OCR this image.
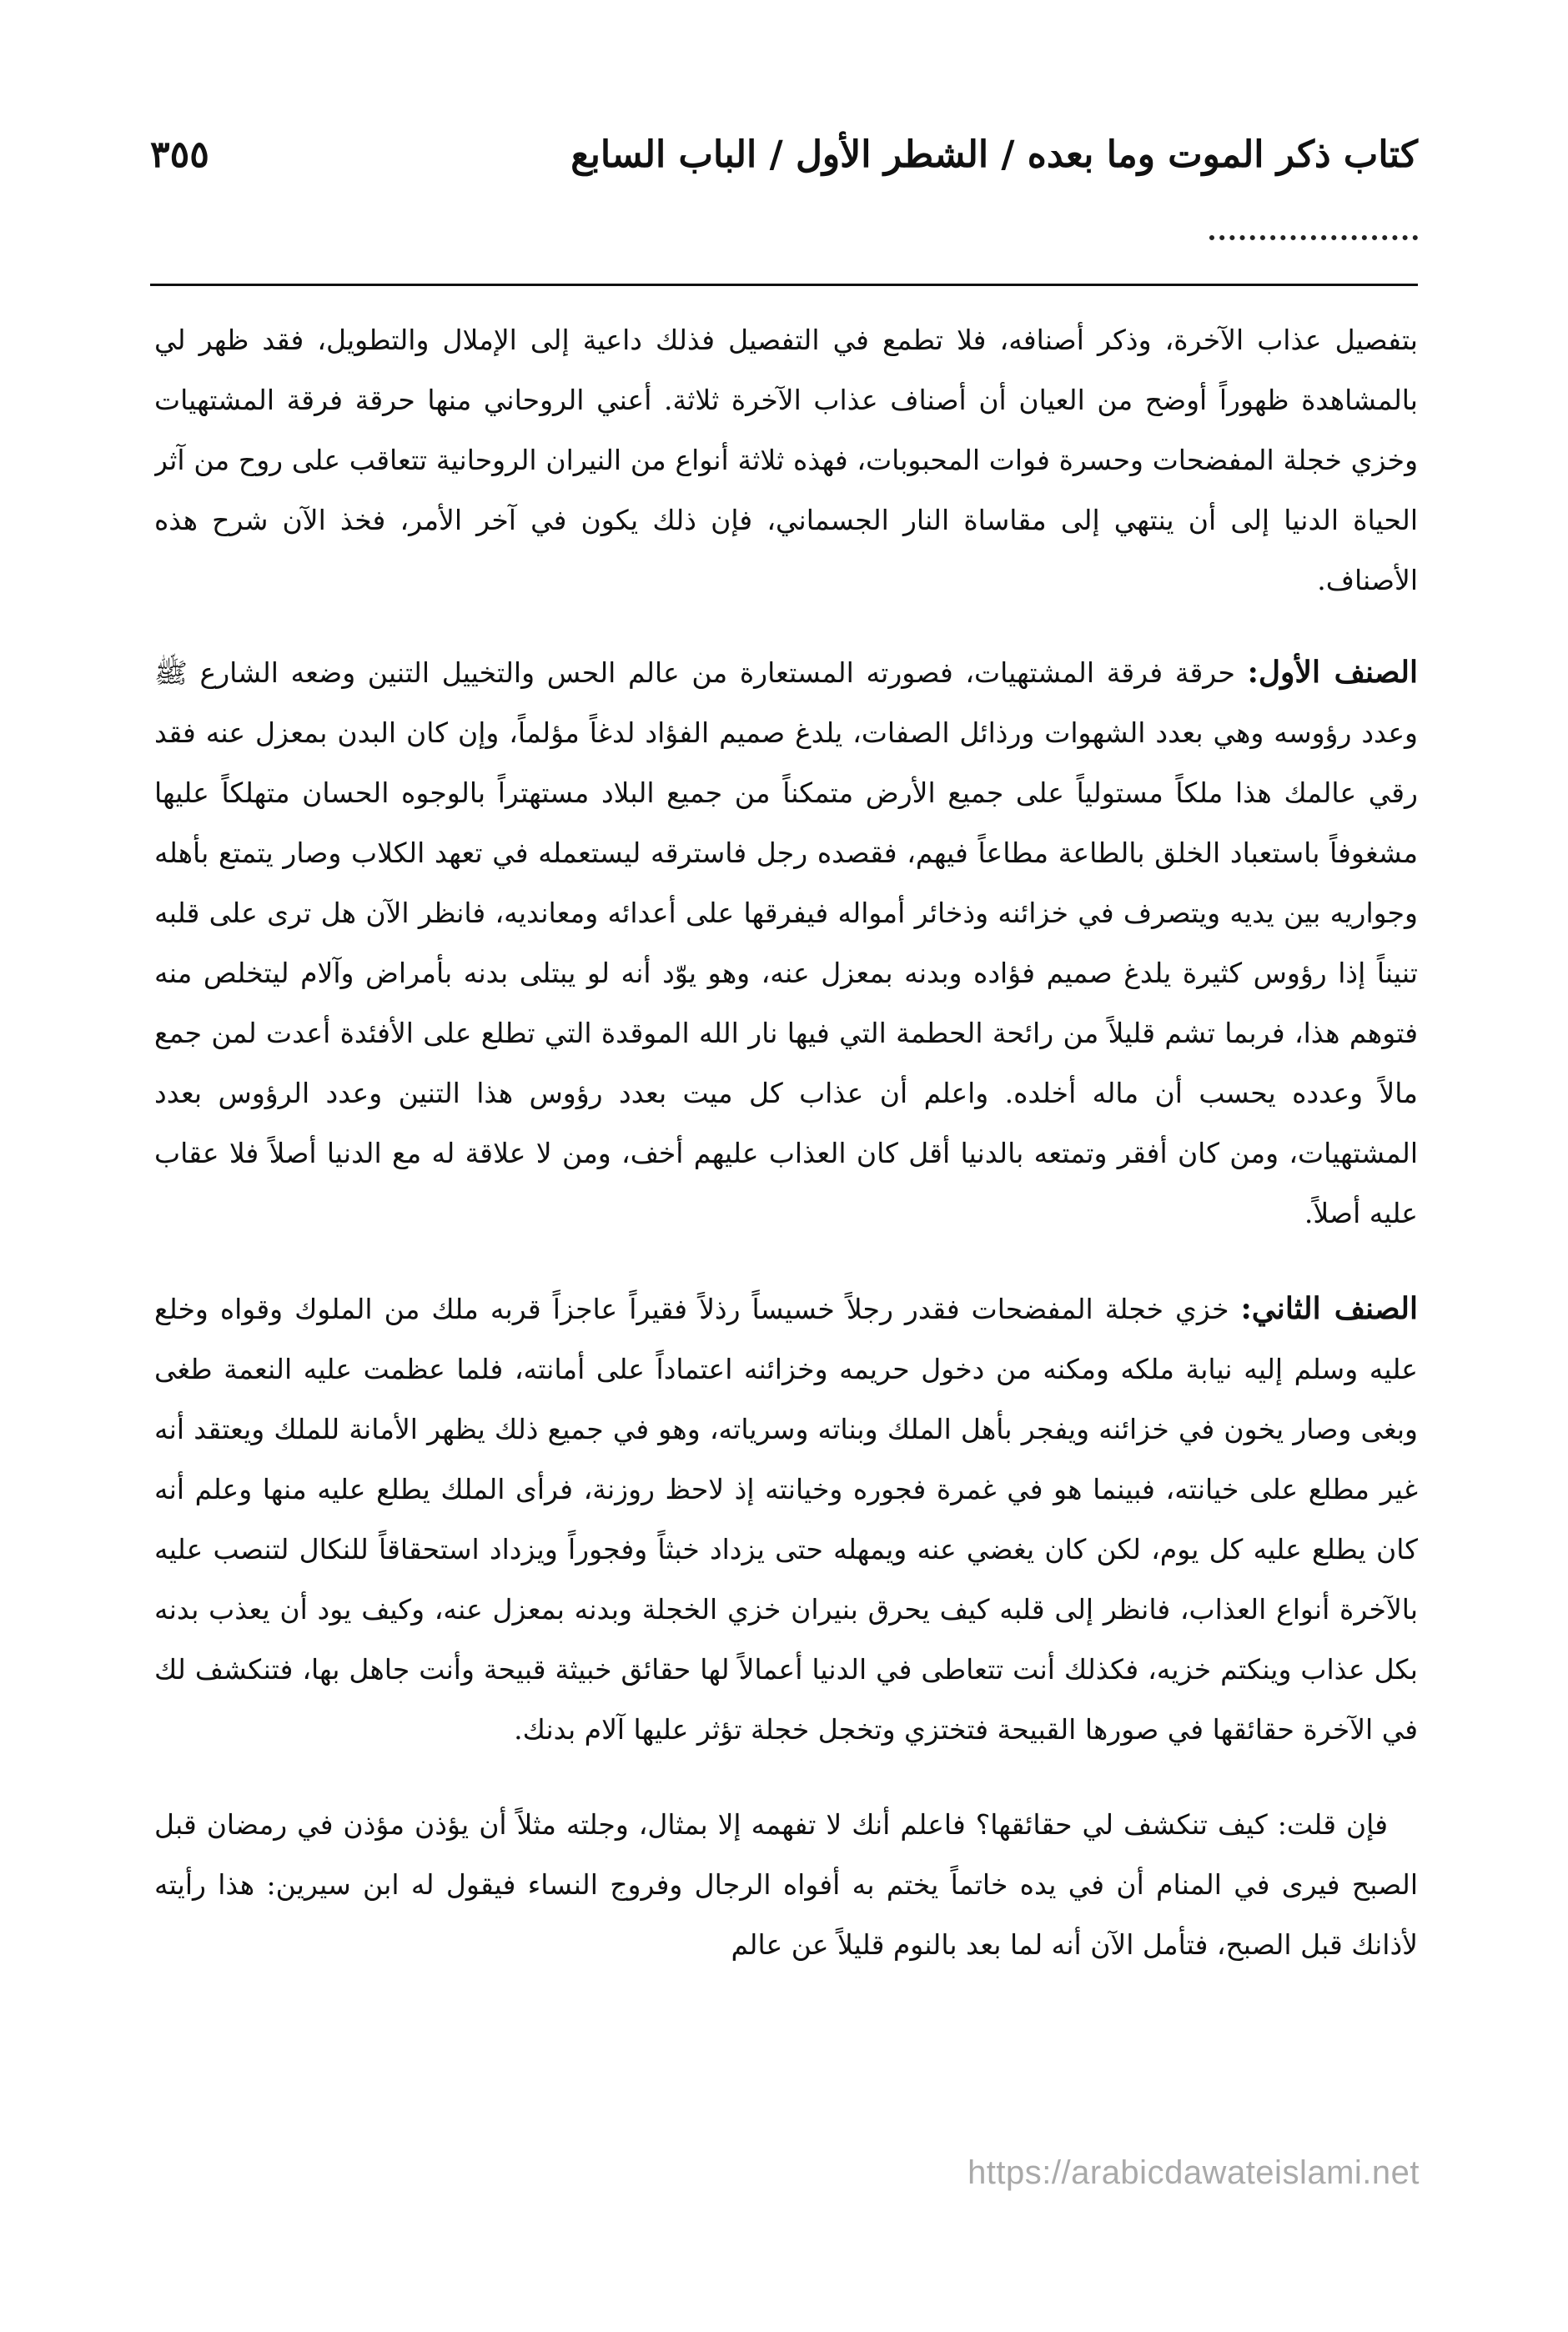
كتاب ذكر الموت وما بعده / الشطر الأول / الباب السابع
٣٥٥

بتفصيل عذاب الآخرة، وذكر أصنافه، فلا تطمع في التفصيل فذلك داعية إلى الإملال والتطويل، فقد ظهر لي بالمشاهدة ظهوراً أوضح من العيان أن أصناف عذاب الآخرة ثلاثة. أعني الروحاني منها حرقة فرقة المشتهيات وخزي خجلة المفضحات وحسرة فوات المحبوبات، فهذه ثلاثة أنواع من النيران الروحانية تتعاقب على روح من آثر الحياة الدنيا إلى أن ينتهي إلى مقاساة النار الجسماني، فإن ذلك يكون في آخر الأمر، فخذ الآن شرح هذه الأصناف.

الصنف الأول: حرقة فرقة المشتهيات، فصورته المستعارة من عالم الحس والتخييل التنين وضعه الشارع ﷺ وعدد رؤوسه وهي بعدد الشهوات ورذائل الصفات، يلدغ صميم الفؤاد لدغاً مؤلماً، وإن كان البدن بمعزل عنه فقد رقي عالمك هذا ملكاً مستولياً على جميع الأرض متمكناً من جميع البلاد مستهتراً بالوجوه الحسان متهلكاً عليها مشغوفاً باستعباد الخلق بالطاعة مطاعاً فيهم، فقصده رجل فاسترقه ليستعمله في تعهد الكلاب وصار يتمتع بأهله وجواريه بين يديه ويتصرف في خزائنه وذخائر أمواله فيفرقها على أعدائه ومعانديه، فانظر الآن هل ترى على قلبه تنيناً إذا رؤوس كثيرة يلدغ صميم فؤاده وبدنه بمعزل عنه، وهو يوّد أنه لو يبتلى بدنه بأمراض وآلام ليتخلص منه فتوهم هذا، فربما تشم قليلاً من رائحة الحطمة التي فيها نار الله الموقدة التي تطلع على الأفئدة أعدت لمن جمع مالاً وعدده يحسب أن ماله أخلده. واعلم أن عذاب كل ميت بعدد رؤوس هذا التنين وعدد الرؤوس بعدد المشتهيات، ومن كان أفقر وتمتعه بالدنيا أقل كان العذاب عليهم أخف، ومن لا علاقة له مع الدنيا أصلاً فلا عقاب عليه أصلاً.

الصنف الثاني: خزي خجلة المفضحات فقدر رجلاً خسيساً رذلاً فقيراً عاجزاً قربه ملك من الملوك وقواه وخلع عليه وسلم إليه نيابة ملكه ومكنه من دخول حريمه وخزائنه اعتماداً على أمانته، فلما عظمت عليه النعمة طغى وبغى وصار يخون في خزائنه ويفجر بأهل الملك وبناته وسرياته، وهو في جميع ذلك يظهر الأمانة للملك ويعتقد أنه غير مطلع على خيانته، فبينما هو في غمرة فجوره وخيانته إذ لاحظ روزنة، فرأى الملك يطلع عليه منها وعلم أنه كان يطلع عليه كل يوم، لكن كان يغضي عنه ويمهله حتى يزداد خبثاً وفجوراً ويزداد استحقاقاً للنكال لتنصب عليه بالآخرة أنواع العذاب، فانظر إلى قلبه كيف يحرق بنيران خزي الخجلة وبدنه بمعزل عنه، وكيف يود أن يعذب بدنه بكل عذاب وينكتم خزيه، فكذلك أنت تتعاطى في الدنيا أعمالاً لها حقائق خبيثة قبيحة وأنت جاهل بها، فتنكشف لك في الآخرة حقائقها في صورها القبيحة فتختزي وتخجل خجلة تؤثر عليها آلام بدنك.

فإن قلت: كيف تنكشف لي حقائقها؟ فاعلم أنك لا تفهمه إلا بمثال، وجلته مثلاً أن يؤذن مؤذن في رمضان قبل الصبح فيرى في المنام أن في يده خاتماً يختم به أفواه الرجال وفروج النساء فيقول له ابن سيرين: هذا رأيته لأذانك قبل الصبح، فتأمل الآن أنه لما بعد بالنوم قليلاً عن عالم

https://arabicdawateislami.net
